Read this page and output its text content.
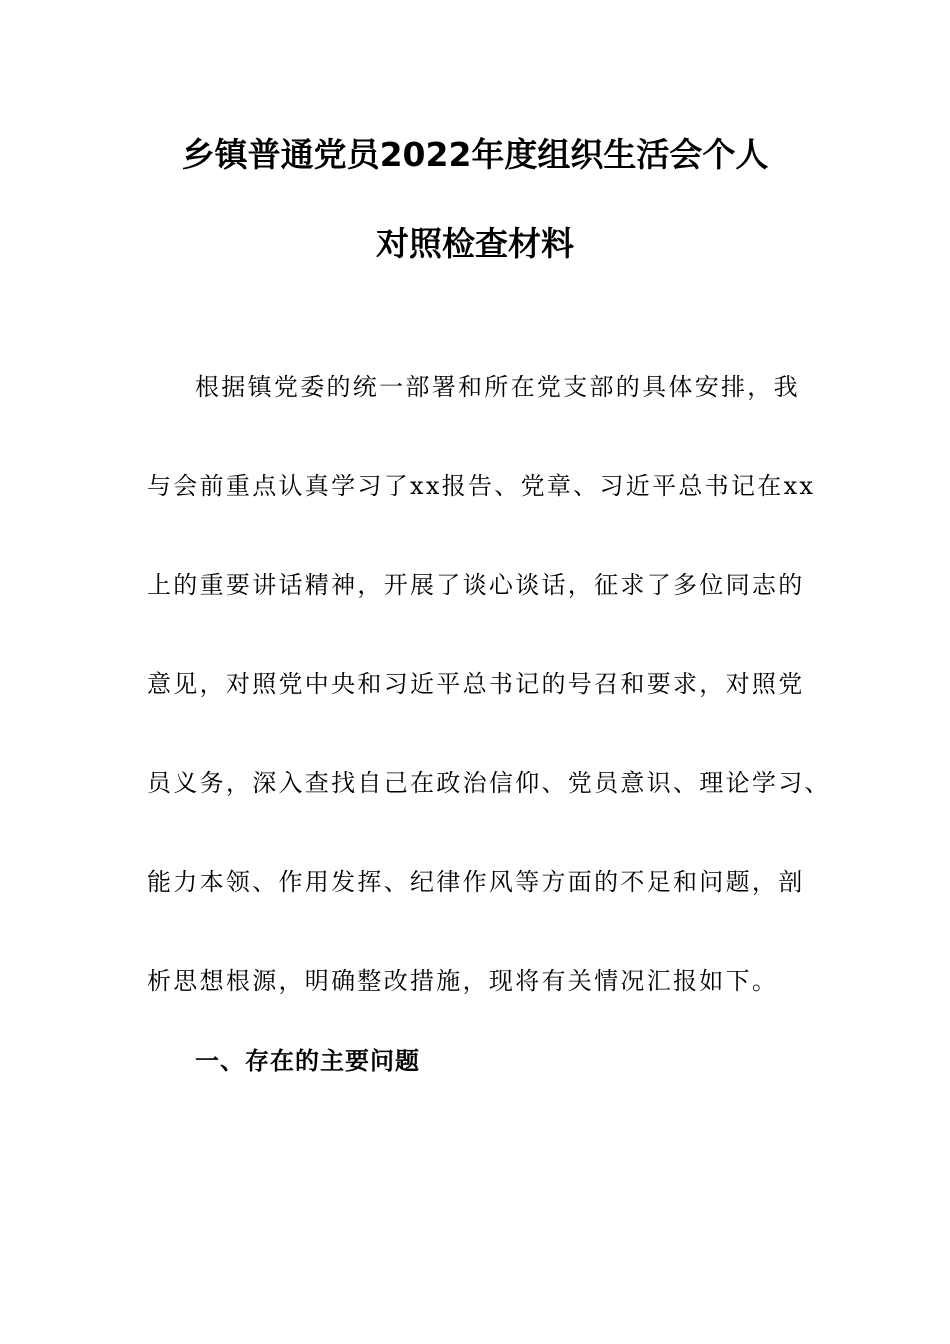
乡镇普通党员2022年度组织生活会个人
对照检查材料
根据镇党委的统一部署和所在党支部的具体安排，我
与会前重点认真学习了xx报告、党章、习近平总书记在xx
上的重要讲话精神，开展了谈心谈话，征求了多位同志的
意见，对照党中央和习近平总书记的号召和要求，对照党
员义务，深入查找自己在政治信仰、党员意识、理论学习、
能力本领、作用发挥、纪律作风等方面的不足和问题，剖
析思想根源，明确整改措施，现将有关情况汇报如下。
一、存在的主要问题
